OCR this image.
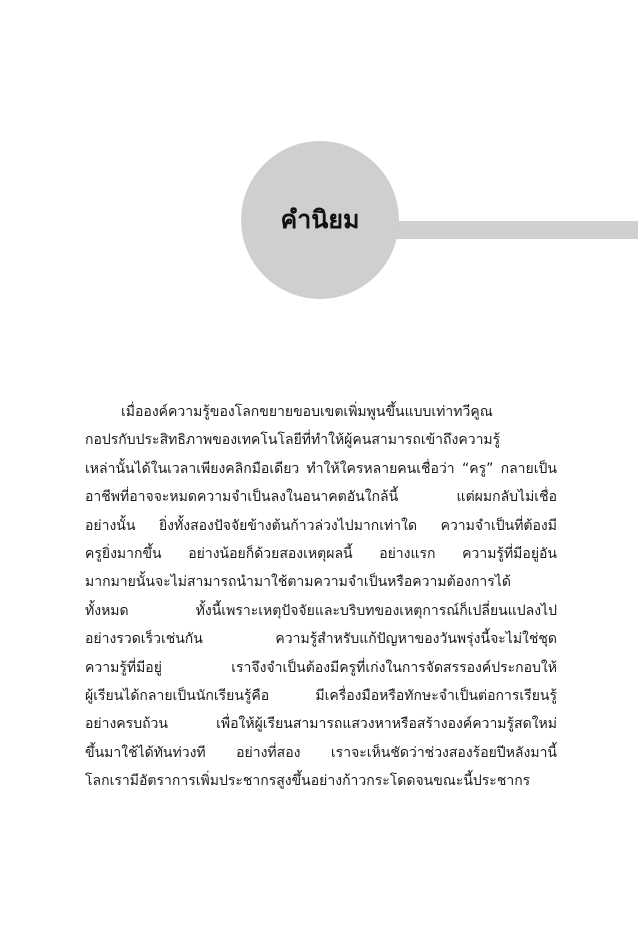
คำนิยม
เมื่อองค์ความรู้ของโลกขยายขอบเขตเพิ่มพูนขึ้นแบบเท่าทวีคูณ
กอปรกับประสิทธิภาพของเทคโนโลยีที่ทำให้ผู้คนสามารถเข้าถึงความรู้
เหล่านั้นได้ในเวลาเพียงคลิกมือเดียว ทำให้ใครหลายคนเชื่อว่า “ครู” กลายเป็น
อาชีพที่อาจจะหมดความจำเป็นลงในอนาคตอันใกล้นี้ แต่ผมกลับไม่เชื่อ
อย่างนั้น ยิ่งทั้งสองปัจจัยข้างต้นก้าวล่วงไปมากเท่าใด ความจำเป็นที่ต้องมี
ครูยิ่งมากขึ้น อย่างน้อยก็ด้วยสองเหตุผลนี้ อย่างแรก ความรู้ที่มีอยู่อัน
มากมายนั้นจะไม่สามารถนำมาใช้ตามความจำเป็นหรือความต้องการได้
ทั้งหมด ทั้งนี้เพราะเหตุปัจจัยและบริบทของเหตุการณ์ก็เปลี่ยนแปลงไป
อย่างรวดเร็วเช่นกัน ความรู้สำหรับแก้ปัญหาของวันพรุ่งนี้จะไม่ใช่ชุด
ความรู้ที่มีอยู่ เราจึงจำเป็นต้องมีครูที่เก่งในการจัดสรรองค์ประกอบให้
ผู้เรียนได้กลายเป็นนักเรียนรู้คือ มีเครื่องมือหรือทักษะจำเป็นต่อการเรียนรู้
อย่างครบถ้วน เพื่อให้ผู้เรียนสามารถแสวงหาหรือสร้างองค์ความรู้สดใหม่
ขึ้นมาใช้ได้ทันท่วงที อย่างที่สอง เราจะเห็นชัดว่าช่วงสองร้อยปีหลังมานี้
โลกเรามีอัตราการเพิ่มประชากรสูงขึ้นอย่างก้าวกระโดดจนขณะนี้ประชากร
